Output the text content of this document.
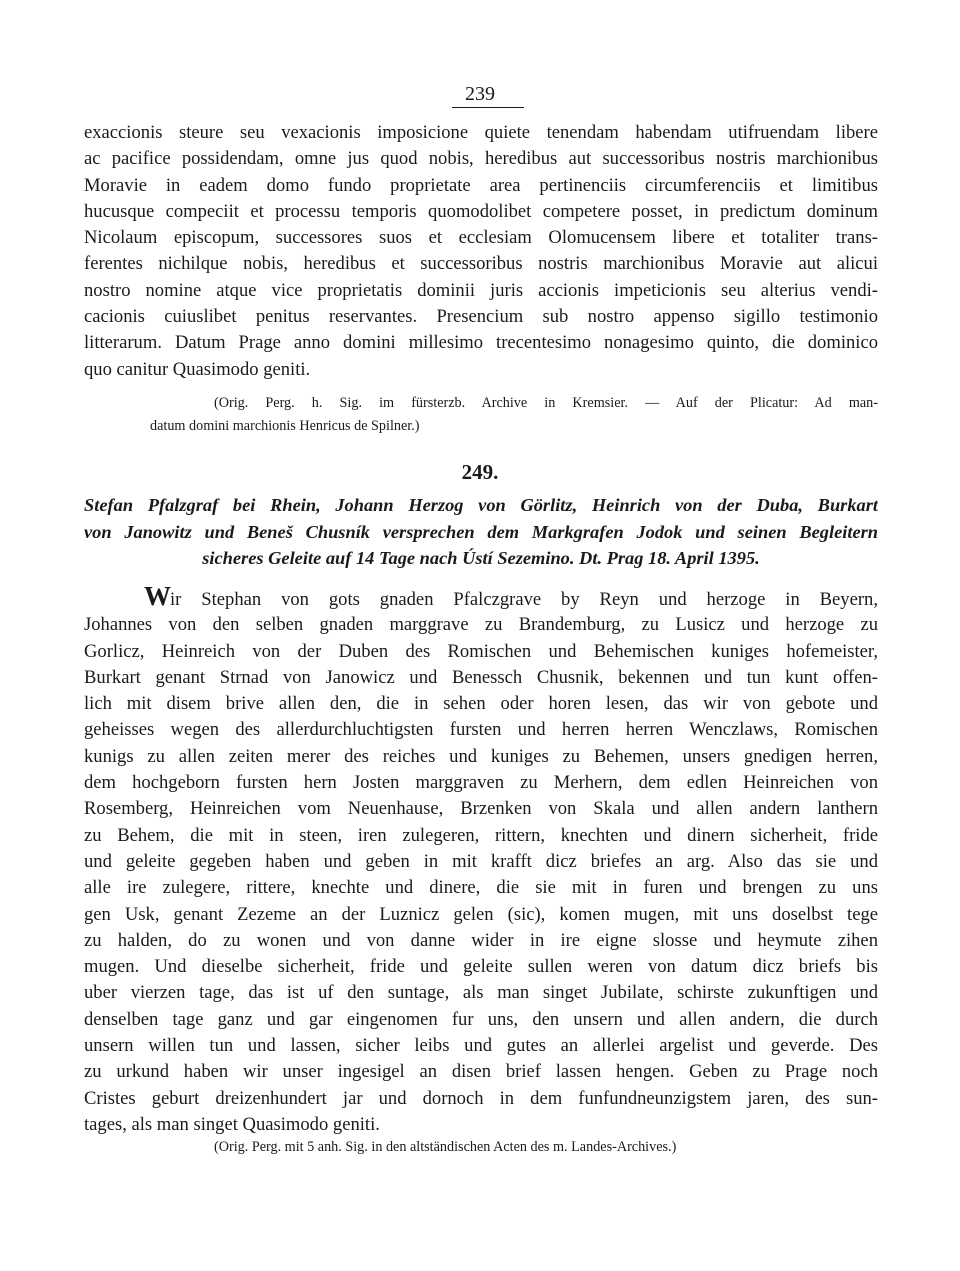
239
exaccionis steure seu vexacionis imposicione quiete tenendam habendam utifruendam libere
ac pacifice possidendam, omne jus quod nobis, heredibus aut successoribus nostris marchionibus
Moravie in eadem domo fundo proprietate area pertinenciis circumferenciis et limitibus
hucusque compeciit et processu temporis quomodolibet competere posset, in predictum dominum
Nicolaum episcopum, successores suos et ecclesiam Olomucensem libere et totaliter trans-
ferentes nichilque nobis, heredibus et successoribus nostris marchionibus Moravie aut alicui
nostro nomine atque vice proprietatis dominii juris accionis impeticionis seu alterius vendi-
cacionis cuiuslibet penitus reservantes. Presencium sub nostro appenso sigillo testimonio
litterarum. Datum Prage anno domini millesimo trecentesimo nonagesimo quinto, die dominico
quo canitur Quasimodo geniti.
(Orig. Perg. h. Sig. im fürsterzb. Archive in Kremsier. — Auf der Plicatur: Ad man-
datum domini marchionis Henricus de Spilner.)
249.
Stefan Pfalzgraf bei Rhein, Johann Herzog von Görlitz, Heinrich von der Duba, Burkart
von Janowitz und Beneš Chusník versprechen dem Markgrafen Jodok und seinen Begleitern
sicheres Geleite auf 14 Tage nach Ústí Sezemino. Dt. Prag 18. April 1395.
Wir Stephan von gots gnaden Pfalczgrave by Reyn und herzoge in Beyern,
Johannes von den selben gnaden marggrave zu Brandemburg, zu Lusicz und herzoge zu
Gorlicz, Heinreich von der Duben des Romischen und Behemischen kuniges hofemeister,
Burkart genant Strnad von Janowicz und Benessch Chusnik, bekennen und tun kunt offen-
lich mit disem brive allen den, die in sehen oder horen lesen, das wir von gebote und
geheisses wegen des allerdurchluchtigsten fursten und herren herren Wenczlaws, Romischen
kunigs zu allen zeiten merer des reiches und kuniges zu Behemen, unsers gnedigen herren,
dem hochgeborn fursten hern Josten marggraven zu Merhern, dem edlen Heinreichen von
Rosemberg, Heinreichen vom Neuenhause, Brzenken von Skala und allen andern lanthern
zu Behem, die mit in steen, iren zulegeren, rittern, knechten und dinern sicherheit, fride
und geleite gegeben haben und geben in mit krafft dicz briefes an arg. Also das sie und
alle ire zulegere, rittere, knechte und dinere, die sie mit in furen und brengen zu uns
gen Usk, genant Zezeme an der Luznicz gelen (sic), komen mugen, mit uns doselbst tege
zu halden, do zu wonen und von danne wider in ire eigne slosse und heymute zihen
mugen. Und dieselbe sicherheit, fride und geleite sullen weren von datum dicz briefs bis
uber vierzen tage, das ist uf den suntage, als man singet Jubilate, schirste zukunftigen und
denselben tage ganz und gar eingenomen fur uns, den unsern und allen andern, die durch
unsern willen tun und lassen, sicher leibs und gutes an allerlei argelist und geverde. Des
zu urkund haben wir unser ingesigel an disen brief lassen hengen. Geben zu Prage noch
Cristes geburt dreizenhundert jar und dornoch in dem funfundneunzigstem jaren, des sun-
tages, als man singet Quasimodo geniti.
(Orig. Perg. mit 5 anh. Sig. in den altständischen Acten des m. Landes-Archives.)
